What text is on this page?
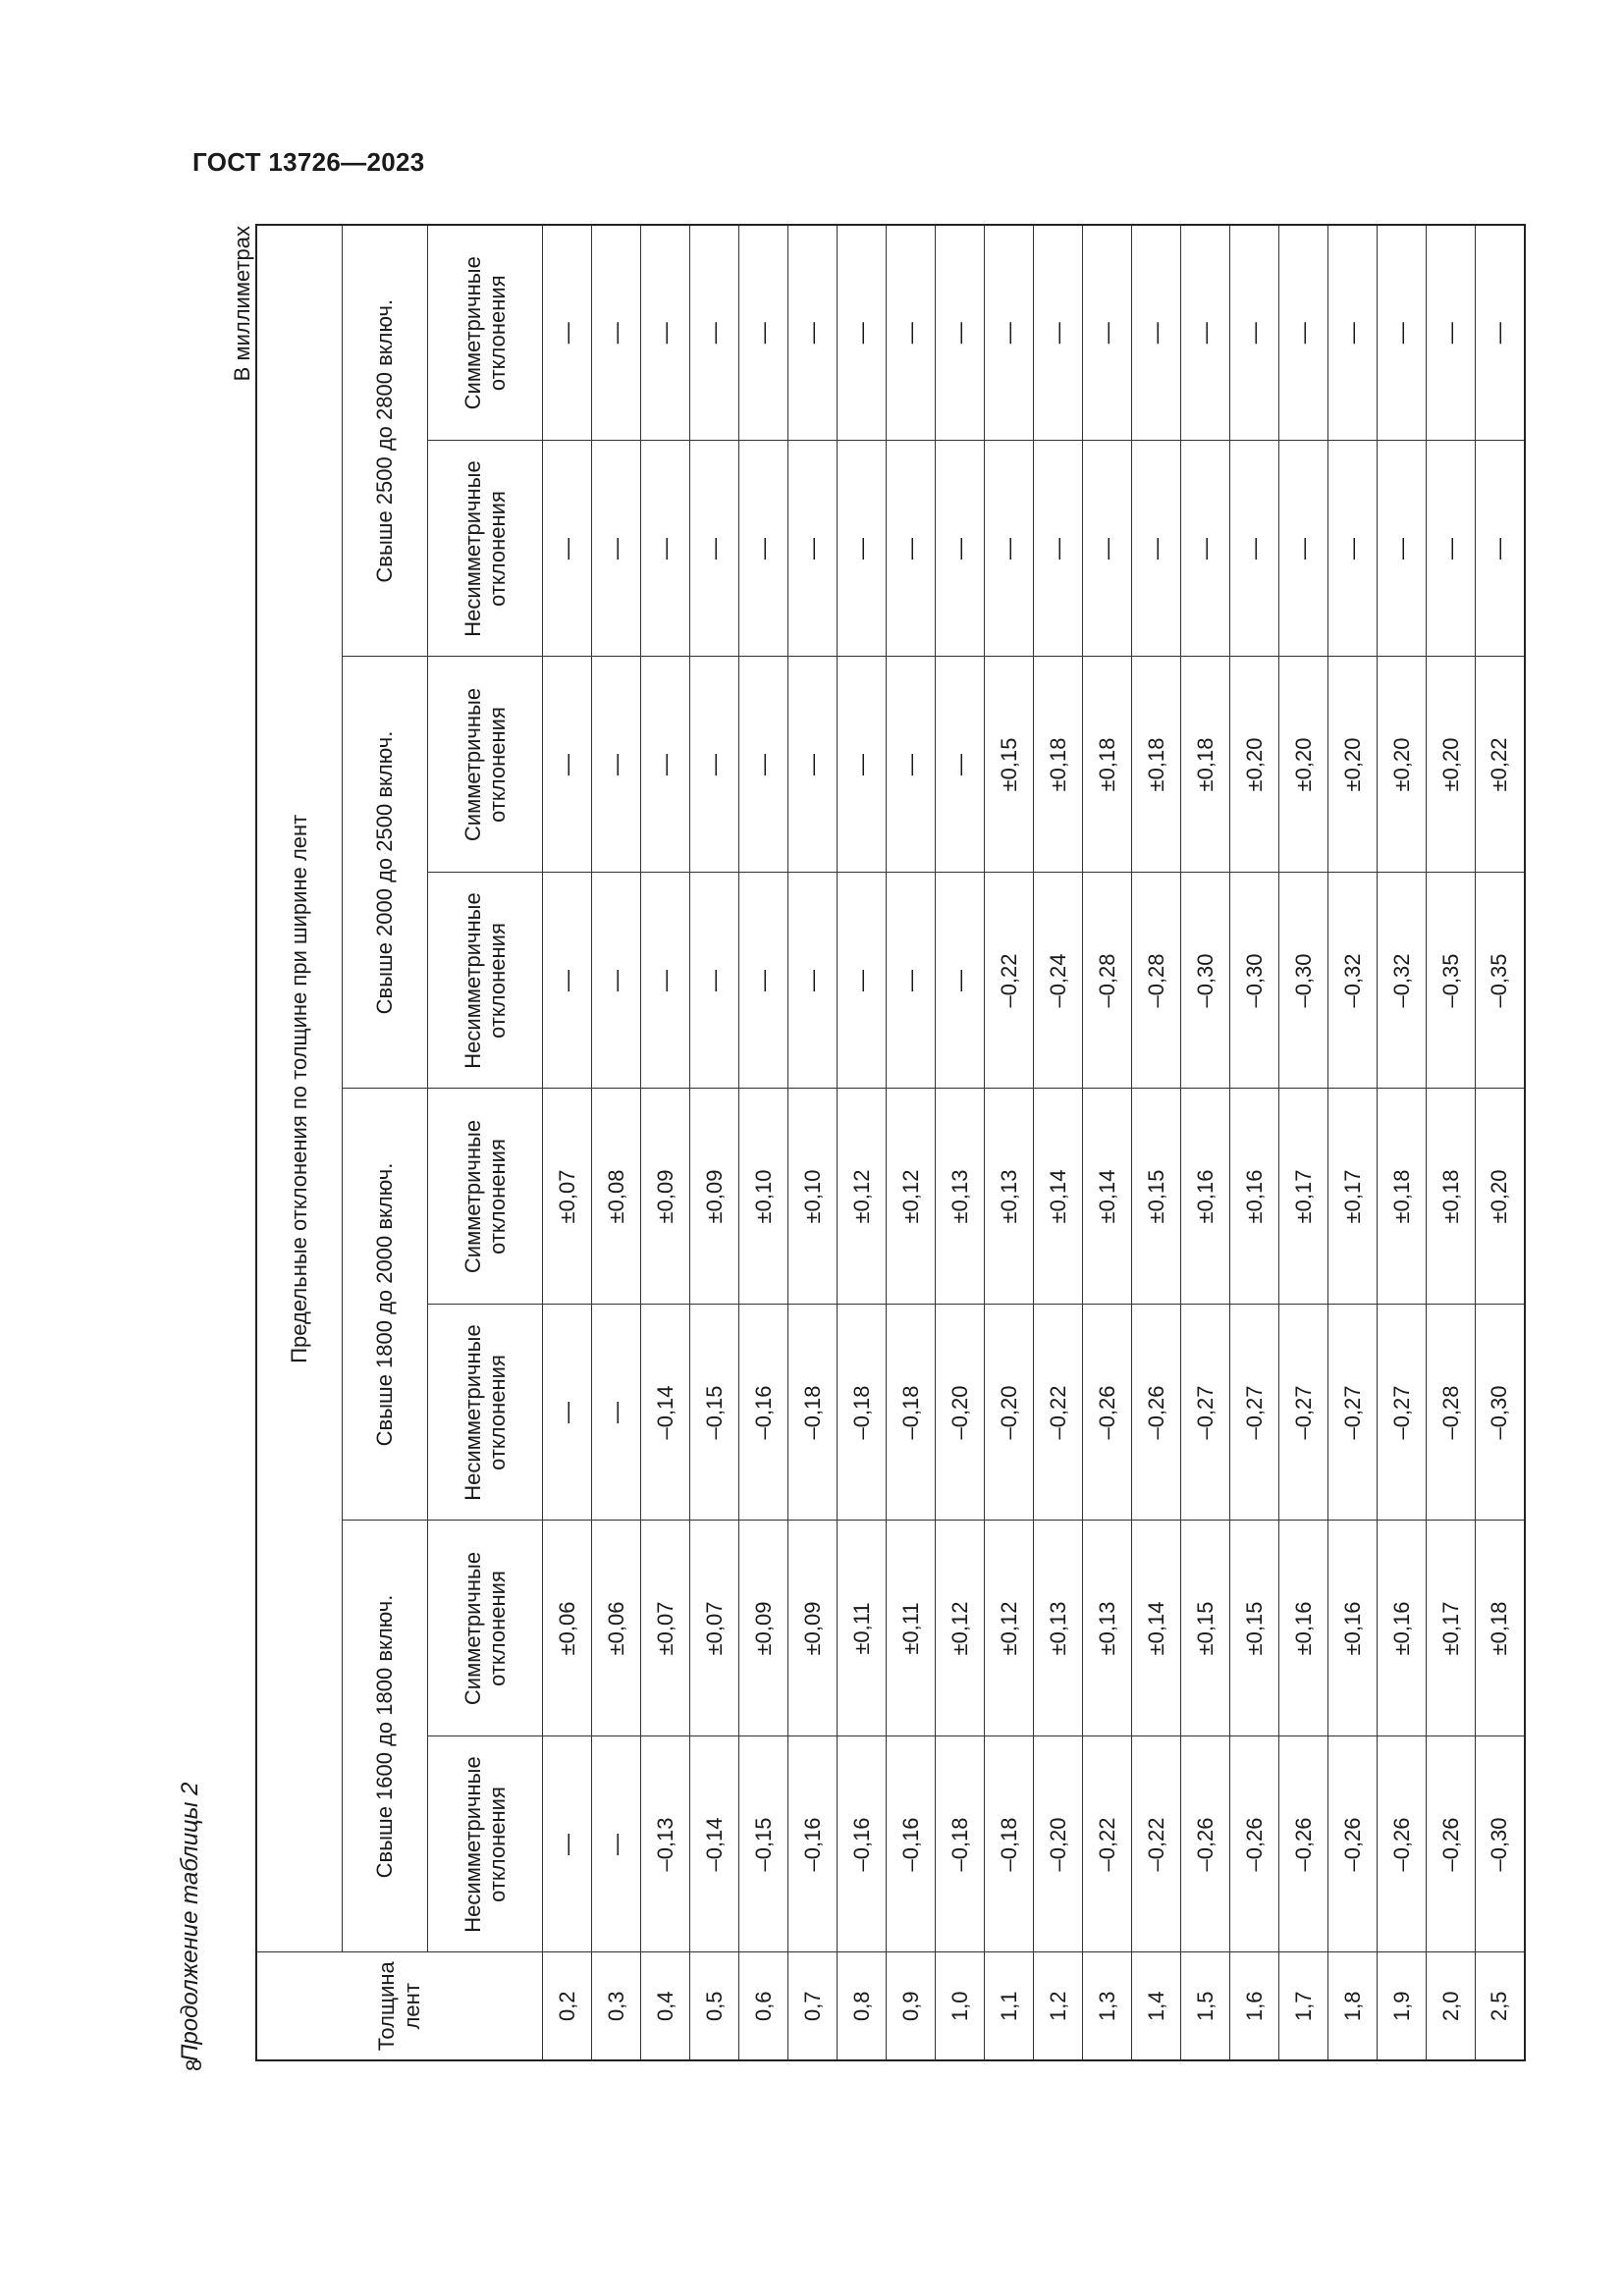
ГОСТ 13726—2023
8
Продолжение таблицы 2
В миллиметрах
Толщина лент	Предельные отклонения по толщине при ширине лент							
	Свыше 1600 до 1800 включ.		Свыше 1800 до 2000 включ.		Свыше 2000 до 2500 включ.		Свыше 2500 до 2800 включ.	
	Несимметричные отклонения	Симметричные отклонения	Несимметричные отклонения	Симметричные отклонения	Несимметричные отклонения	Симметричные отклонения	Несимметричные отклонения	Симметричные отклонения
0,2	—	±0,06	—	±0,07	—	—	—	—
0,3	—	±0,06	—	±0,08	—	—	—	—
0,4	–0,13	±0,07	–0,14	±0,09	—	—	—	—
0,5	–0,14	±0,07	–0,15	±0,09	—	—	—	—
0,6	–0,15	±0,09	–0,16	±0,10	—	—	—	—
0,7	–0,16	±0,09	–0,18	±0,10	—	—	—	—
0,8	–0,16	±0,11	–0,18	±0,12	—	—	—	—
0,9	–0,16	±0,11	–0,18	±0,12	—	—	—	—
1,0	–0,18	±0,12	–0,20	±0,13	—	—	—	—
1,1	–0,18	±0,12	–0,20	±0,13	–0,22	±0,15	—	—
1,2	–0,20	±0,13	–0,22	±0,14	–0,24	±0,18	—	—
1,3	–0,22	±0,13	–0,26	±0,14	–0,28	±0,18	—	—
1,4	–0,22	±0,14	–0,26	±0,15	–0,28	±0,18	—	—
1,5	–0,26	±0,15	–0,27	±0,16	–0,30	±0,18	—	—
1,6	–0,26	±0,15	–0,27	±0,16	–0,30	±0,20	—	—
1,7	–0,26	±0,16	–0,27	±0,17	–0,30	±0,20	—	—
1,8	–0,26	±0,16	–0,27	±0,17	–0,32	±0,20	—	—
1,9	–0,26	±0,16	–0,27	±0,18	–0,32	±0,20	—	—
2,0	–0,26	±0,17	–0,28	±0,18	–0,35	±0,20	—	—
2,5	–0,30	±0,18	–0,30	±0,20	–0,35	±0,22	—	—
